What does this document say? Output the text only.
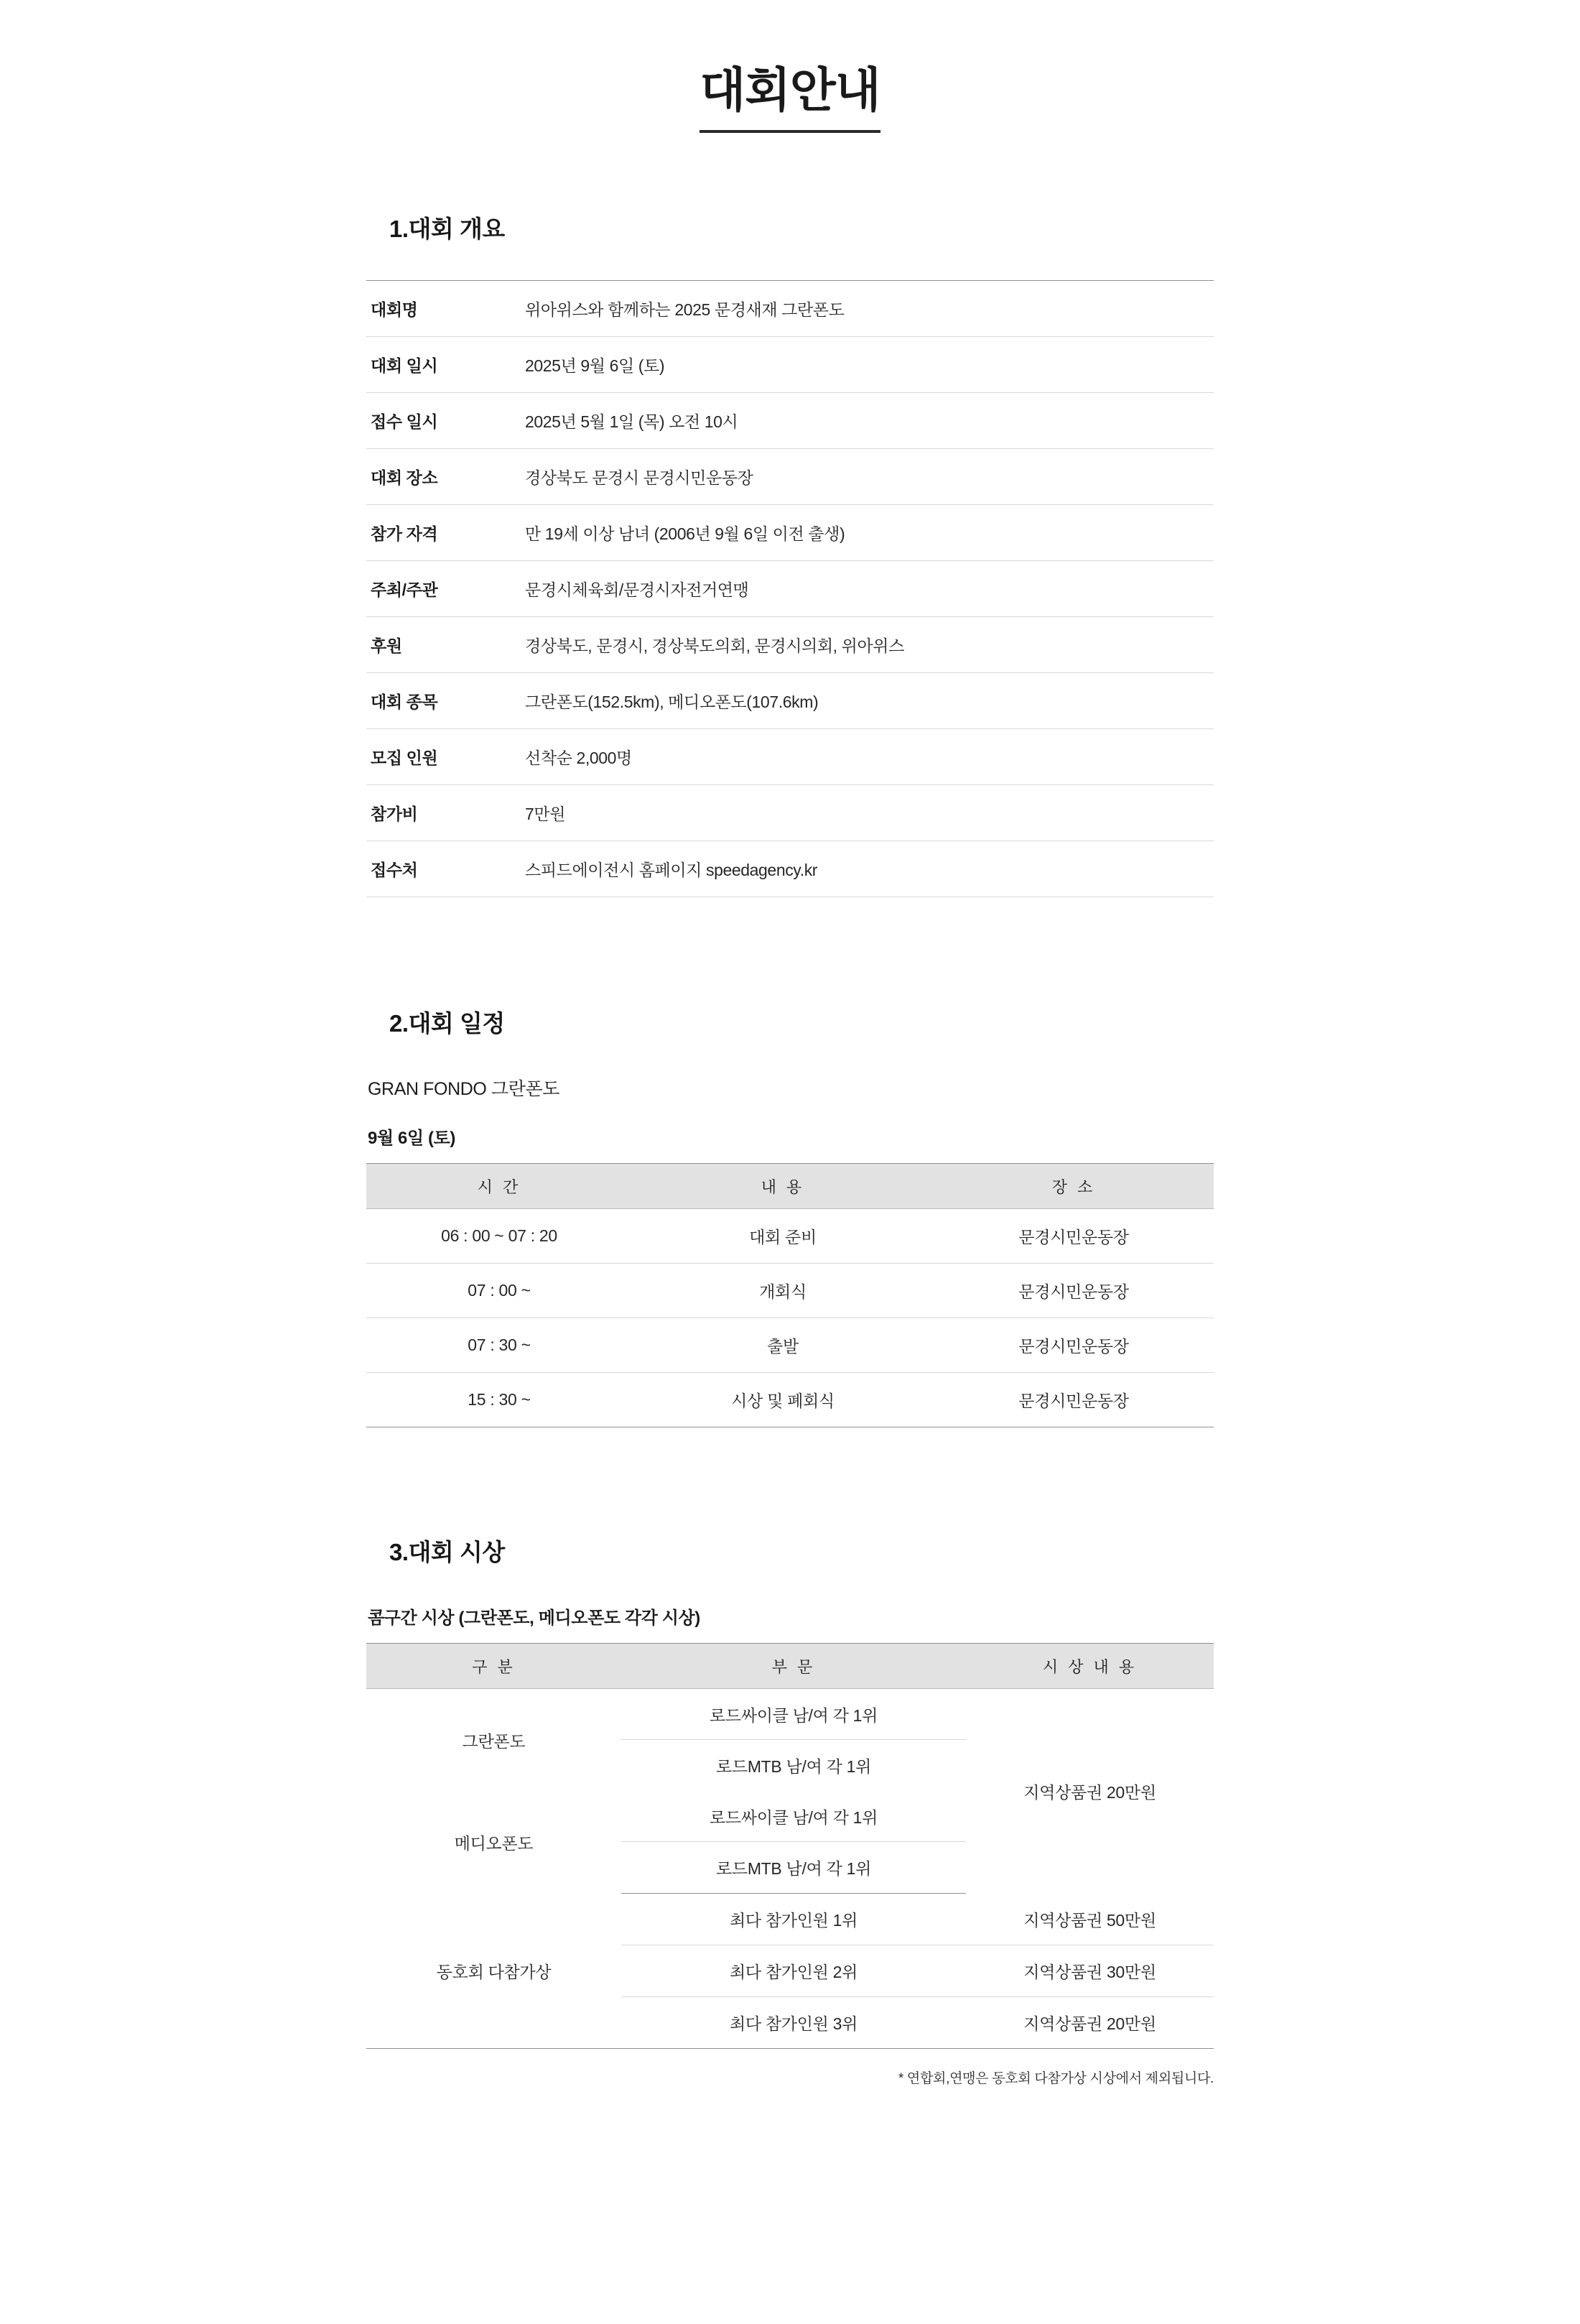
대회안내
1.대회 개요
대회명	위아위스와 함께하는 2025 문경새재 그란폰도
대회 일시	2025년 9월 6일 (토)
접수 일시	2025년 5월 1일 (목) 오전 10시
대회 장소	경상북도 문경시 문경시민운동장
참가 자격	만 19세 이상 남녀 (2006년 9월 6일 이전 출생)
주최/주관	문경시체육회/문경시자전거연맹
후원	경상북도, 문경시, 경상북도의회, 문경시의회, 위아위스
대회 종목	그란폰도(152.5km), 메디오폰도(107.6km)
모집 인원	선착순 2,000명
참가비	7만원
접수처	스피드에이전시 홈페이지 speedagency.kr
2.대회 일정
GRAN FONDO 그란폰도
9월 6일 (토)
시 간	내 용	장 소
06 : 00 ~ 07 : 20	대회 준비	문경시민운동장
07 : 00 ~	개회식	문경시민운동장
07 : 30 ~	출발	문경시민운동장
15 : 30 ~	시상 및 폐회식	문경시민운동장
3.대회 시상
콤구간 시상 (그란폰도, 메디오폰도 각각 시상)
구 분	부 문	시 상 내 용
그란폰도	로드싸이클 남/여 각 1위	지역상품권 20만원
	로드MTB 남/여 각 1위	
메디오폰도	로드싸이클 남/여 각 1위	
	로드MTB 남/여 각 1위	
동호회 다참가상	최다 참가인원 1위	지역상품권 50만원
	최다 참가인원 2위	지역상품권 30만원
	최다 참가인원 3위	지역상품권 20만원
* 연합회,연맹은 동호회 다참가상 시상에서 제외됩니다.
